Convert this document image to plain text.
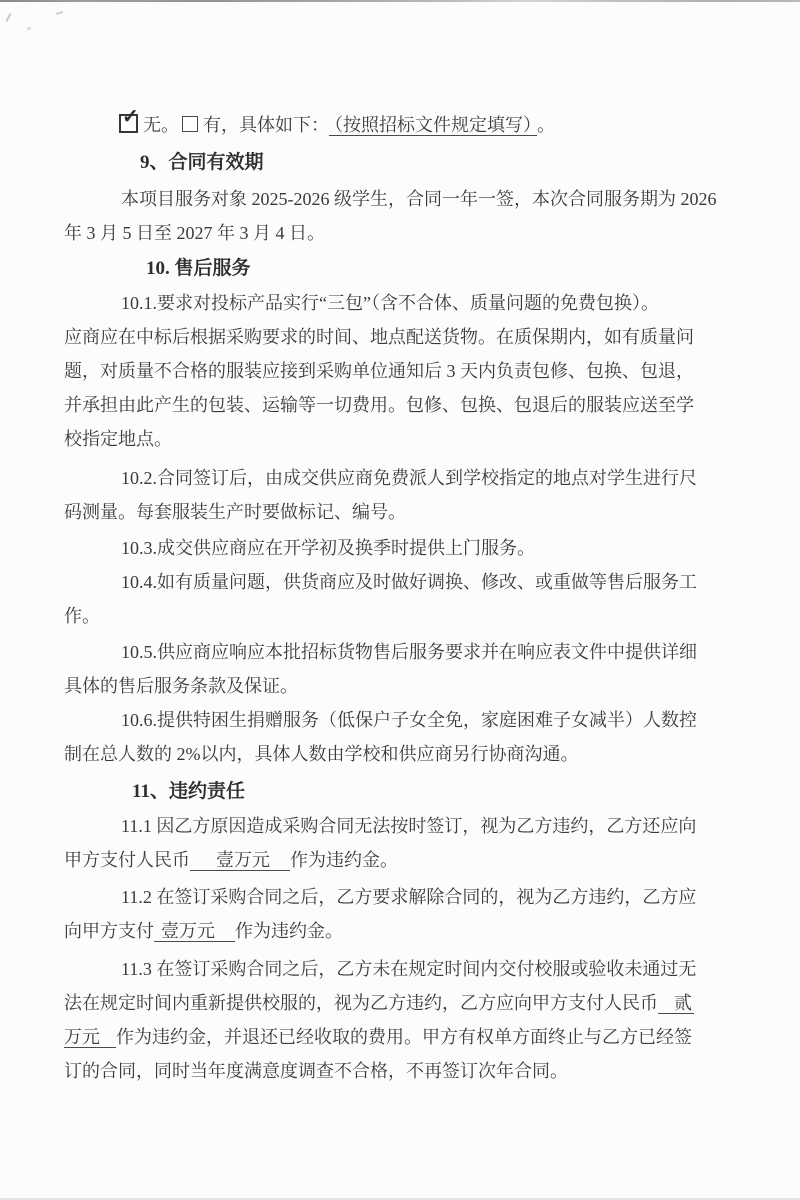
✓ 无。 有，具体如下： （按照招标文件规定填写） 。
9、合同有效期
本项目服务对象 2025-2026 级学生，合同一年一签，本次合同服务期为 2026
年 3 月 5 日至 2027 年 3 月 4 日。
10. 售后服务
10.1.要求对投标产品实行“三包”（含不合体、质量问题的免费包换）。
应商应在中标后根据采购要求的时间、地点配送货物。在质保期内，如有质量问
题，对质量不合格的服装应接到采购单位通知后 3 天内负责包修、包换、包退，
并承担由此产生的包装、运输等一切费用。包修、包换、包退后的服装应送至学
校指定地点。
10.2.合同签订后，由成交供应商免费派人到学校指定的地点对学生进行尺
码测量。每套服装生产时要做标记、编号。
10.3.成交供应商应在开学初及换季时提供上门服务。
10.4.如有质量问题，供货商应及时做好调换、修改、或重做等售后服务工
作。
10.5.供应商应响应本批招标货物售后服务要求并在响应表文件中提供详细
具体的售后服务条款及保证。
10.6.提供特困生捐赠服务（低保户子女全免，家庭困难子女减半）人数控
制在总人数的 2%以内，具体人数由学校和供应商另行协商沟通。
11、违约责任
11.1 因乙方原因造成采购合同无法按时签订，视为乙方违约，乙方还应向
甲方支付人民币 壹万元 作为违约金。
11.2 在签订采购合同之后，乙方要求解除合同的，视为乙方违约，乙方应
向甲方支付 壹万元 作为违约金。
11.3 在签订采购合同之后，乙方未在规定时间内交付校服或验收未通过无
法在规定时间内重新提供校服的，视为乙方违约，乙方应向甲方支付人民币 贰
万元 作为违约金，并退还已经收取的费用。甲方有权单方面终止与乙方已经签
订的合同，同时当年度满意度调查不合格，不再签订次年合同。
